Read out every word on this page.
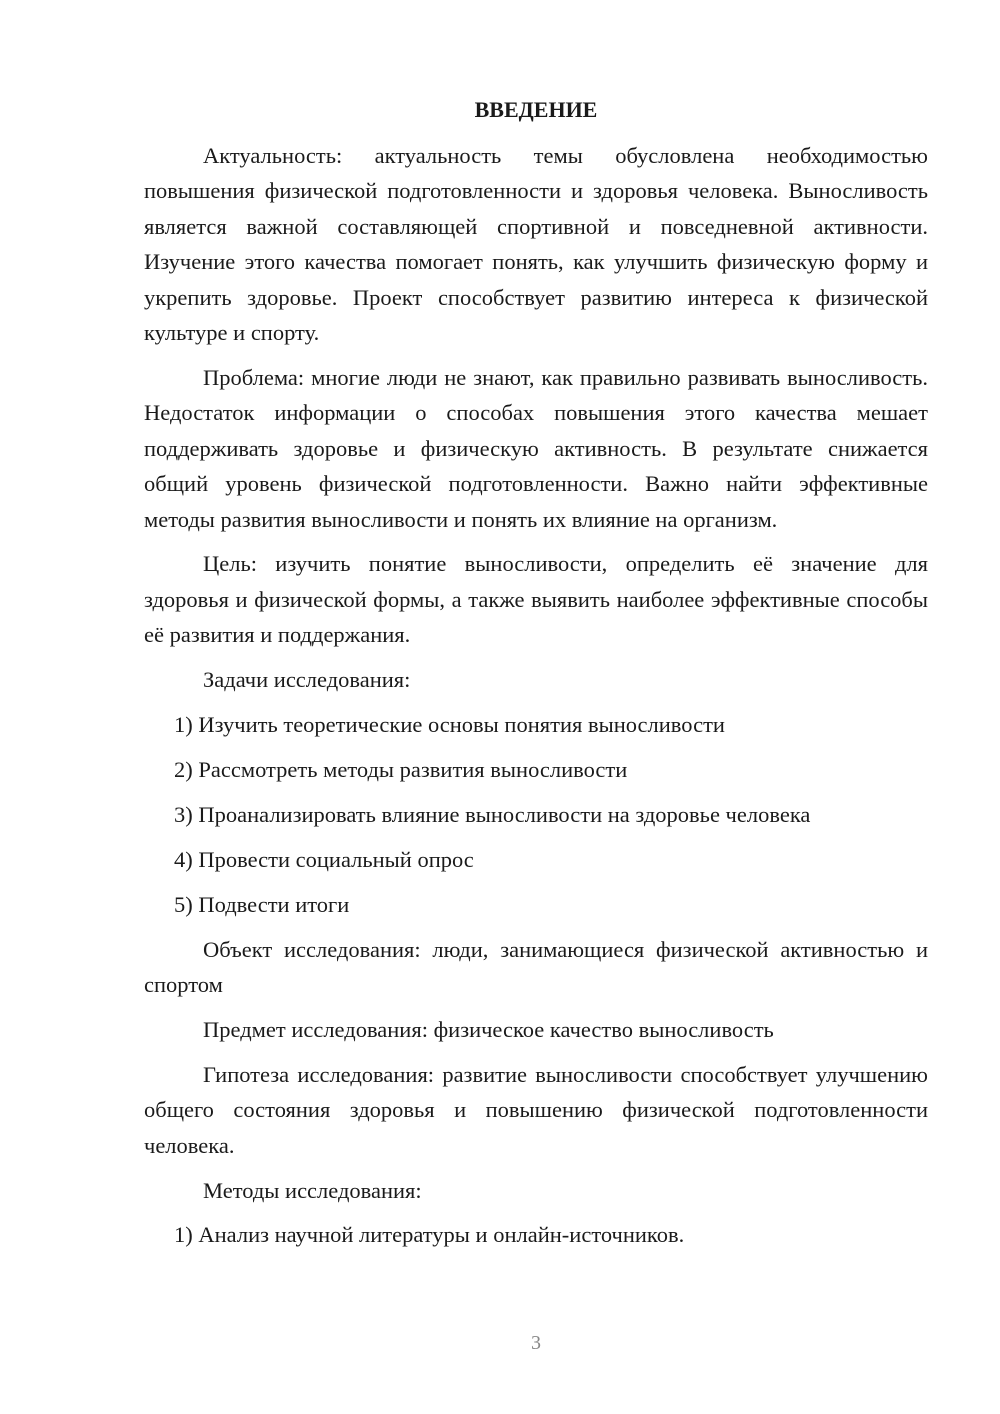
ВВЕДЕНИЕ
Актуальность: актуальность темы обусловлена необходимостью повышения физической подготовленности и здоровья человека. Выносливость является важной составляющей спортивной и повседневной активности. Изучение этого качества помогает понять, как улучшить физическую форму и укрепить здоровье. Проект способствует развитию интереса к физической культуре и спорту.
Проблема: многие люди не знают, как правильно развивать выносливость. Недостаток информации о способах повышения этого качества мешает поддерживать здоровье и физическую активность. В результате снижается общий уровень физической подготовленности. Важно найти эффективные методы развития выносливости и понять их влияние на организм.
Цель: изучить понятие выносливости, определить её значение для здоровья и физической формы, а также выявить наиболее эффективные способы её развития и поддержания.
Задачи исследования:
1) Изучить теоретические основы понятия выносливости
2) Рассмотреть методы развития выносливости
3) Проанализировать влияние выносливости на здоровье человека
4) Провести социальный опрос
5) Подвести итоги
Объект исследования: люди, занимающиеся физической активностью и спортом
Предмет исследования: физическое качество выносливость
Гипотеза исследования: развитие выносливости способствует улучшению общего состояния здоровья и повышению физической подготовленности человека.
Методы исследования:
1) Анализ научной литературы и онлайн-источников.
3
